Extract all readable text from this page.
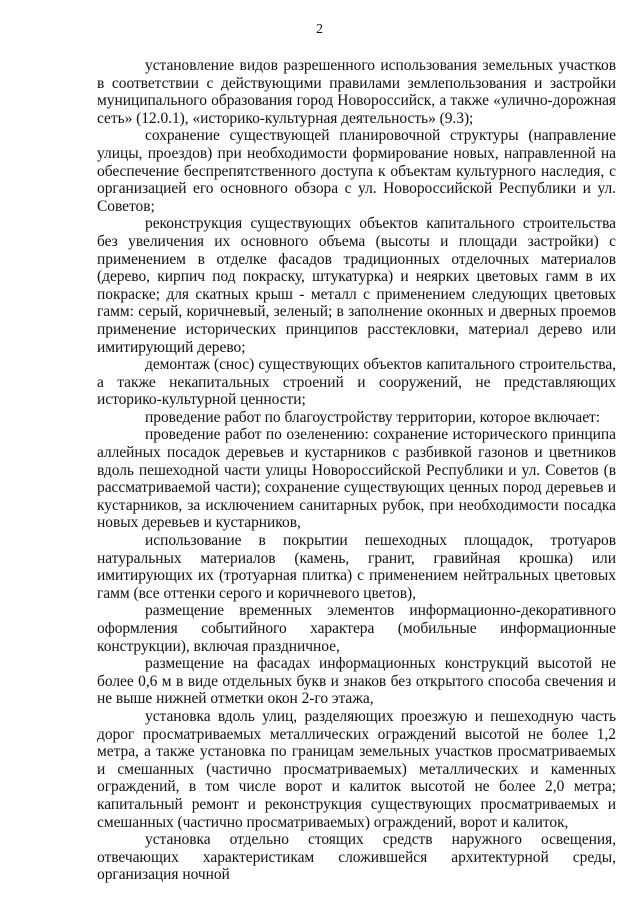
2

установление видов разрешенного использования земельных участков в соответствии с действующими правилами землепользования и застройки муниципального образования город Новороссийск, а также «улично-дорожная сеть» (12.0.1), «историко-культурная деятельность» (9.3);

сохранение существующей планировочной структуры (направление улицы, проездов) при необходимости формирование новых, направленной на обеспечение беспрепятственного доступа к объектам культурного наследия, с организацией его основного обзора с ул. Новороссийской Республики и ул. Советов;

реконструкция существующих объектов капитального строительства без увеличения их основного объема (высоты и площади застройки) с применением в отделке фасадов традиционных отделочных материалов (дерево, кирпич под покраску, штукатурка) и неярких цветовых гамм в их покраске; для скатных крыш - металл с применением следующих цветовых гамм: серый, коричневый, зеленый; в заполнение оконных и дверных проемов применение исторических принципов расстекловки, материал дерево или имитирующий дерево;

демонтаж (снос) существующих объектов капитального строительства, а также некапитальных строений и сооружений, не представляющих историко-культурной ценности;

проведение работ по благоустройству территории, которое включает:

проведение работ по озеленению: сохранение исторического принципа аллейных посадок деревьев и кустарников с разбивкой газонов и цветников вдоль пешеходной части улицы Новороссийской Республики и ул. Советов (в рассматриваемой части); сохранение существующих ценных пород деревьев и кустарников, за исключением санитарных рубок, при необходимости посадка новых деревьев и кустарников,

использование в покрытии пешеходных площадок, тротуаров натуральных материалов (камень, гранит, гравийная крошка) или имитирующих их (тротуарная плитка) с применением нейтральных цветовых гамм (все оттенки серого и коричневого цветов),

размещение временных элементов информационно-декоративного оформления событийного характера (мобильные информационные конструкции), включая праздничное,

размещение на фасадах информационных конструкций высотой не более 0,6 м в виде отдельных букв и знаков без открытого способа свечения и не выше нижней отметки окон 2-го этажа,

установка вдоль улиц, разделяющих проезжую и пешеходную часть дорог просматриваемых металлических ограждений высотой не более 1,2 метра, а также установка по границам земельных участков просматриваемых и смешанных (частично просматриваемых) металлических и каменных ограждений, в том числе ворот и калиток высотой не более 2,0 метра; капитальный ремонт и реконструкция существующих просматриваемых и смешанных (частично просматриваемых) ограждений, ворот и калиток,

установка отдельно стоящих средств наружного освещения, отвечающих характеристикам сложившейся архитектурной среды, организация ночной
